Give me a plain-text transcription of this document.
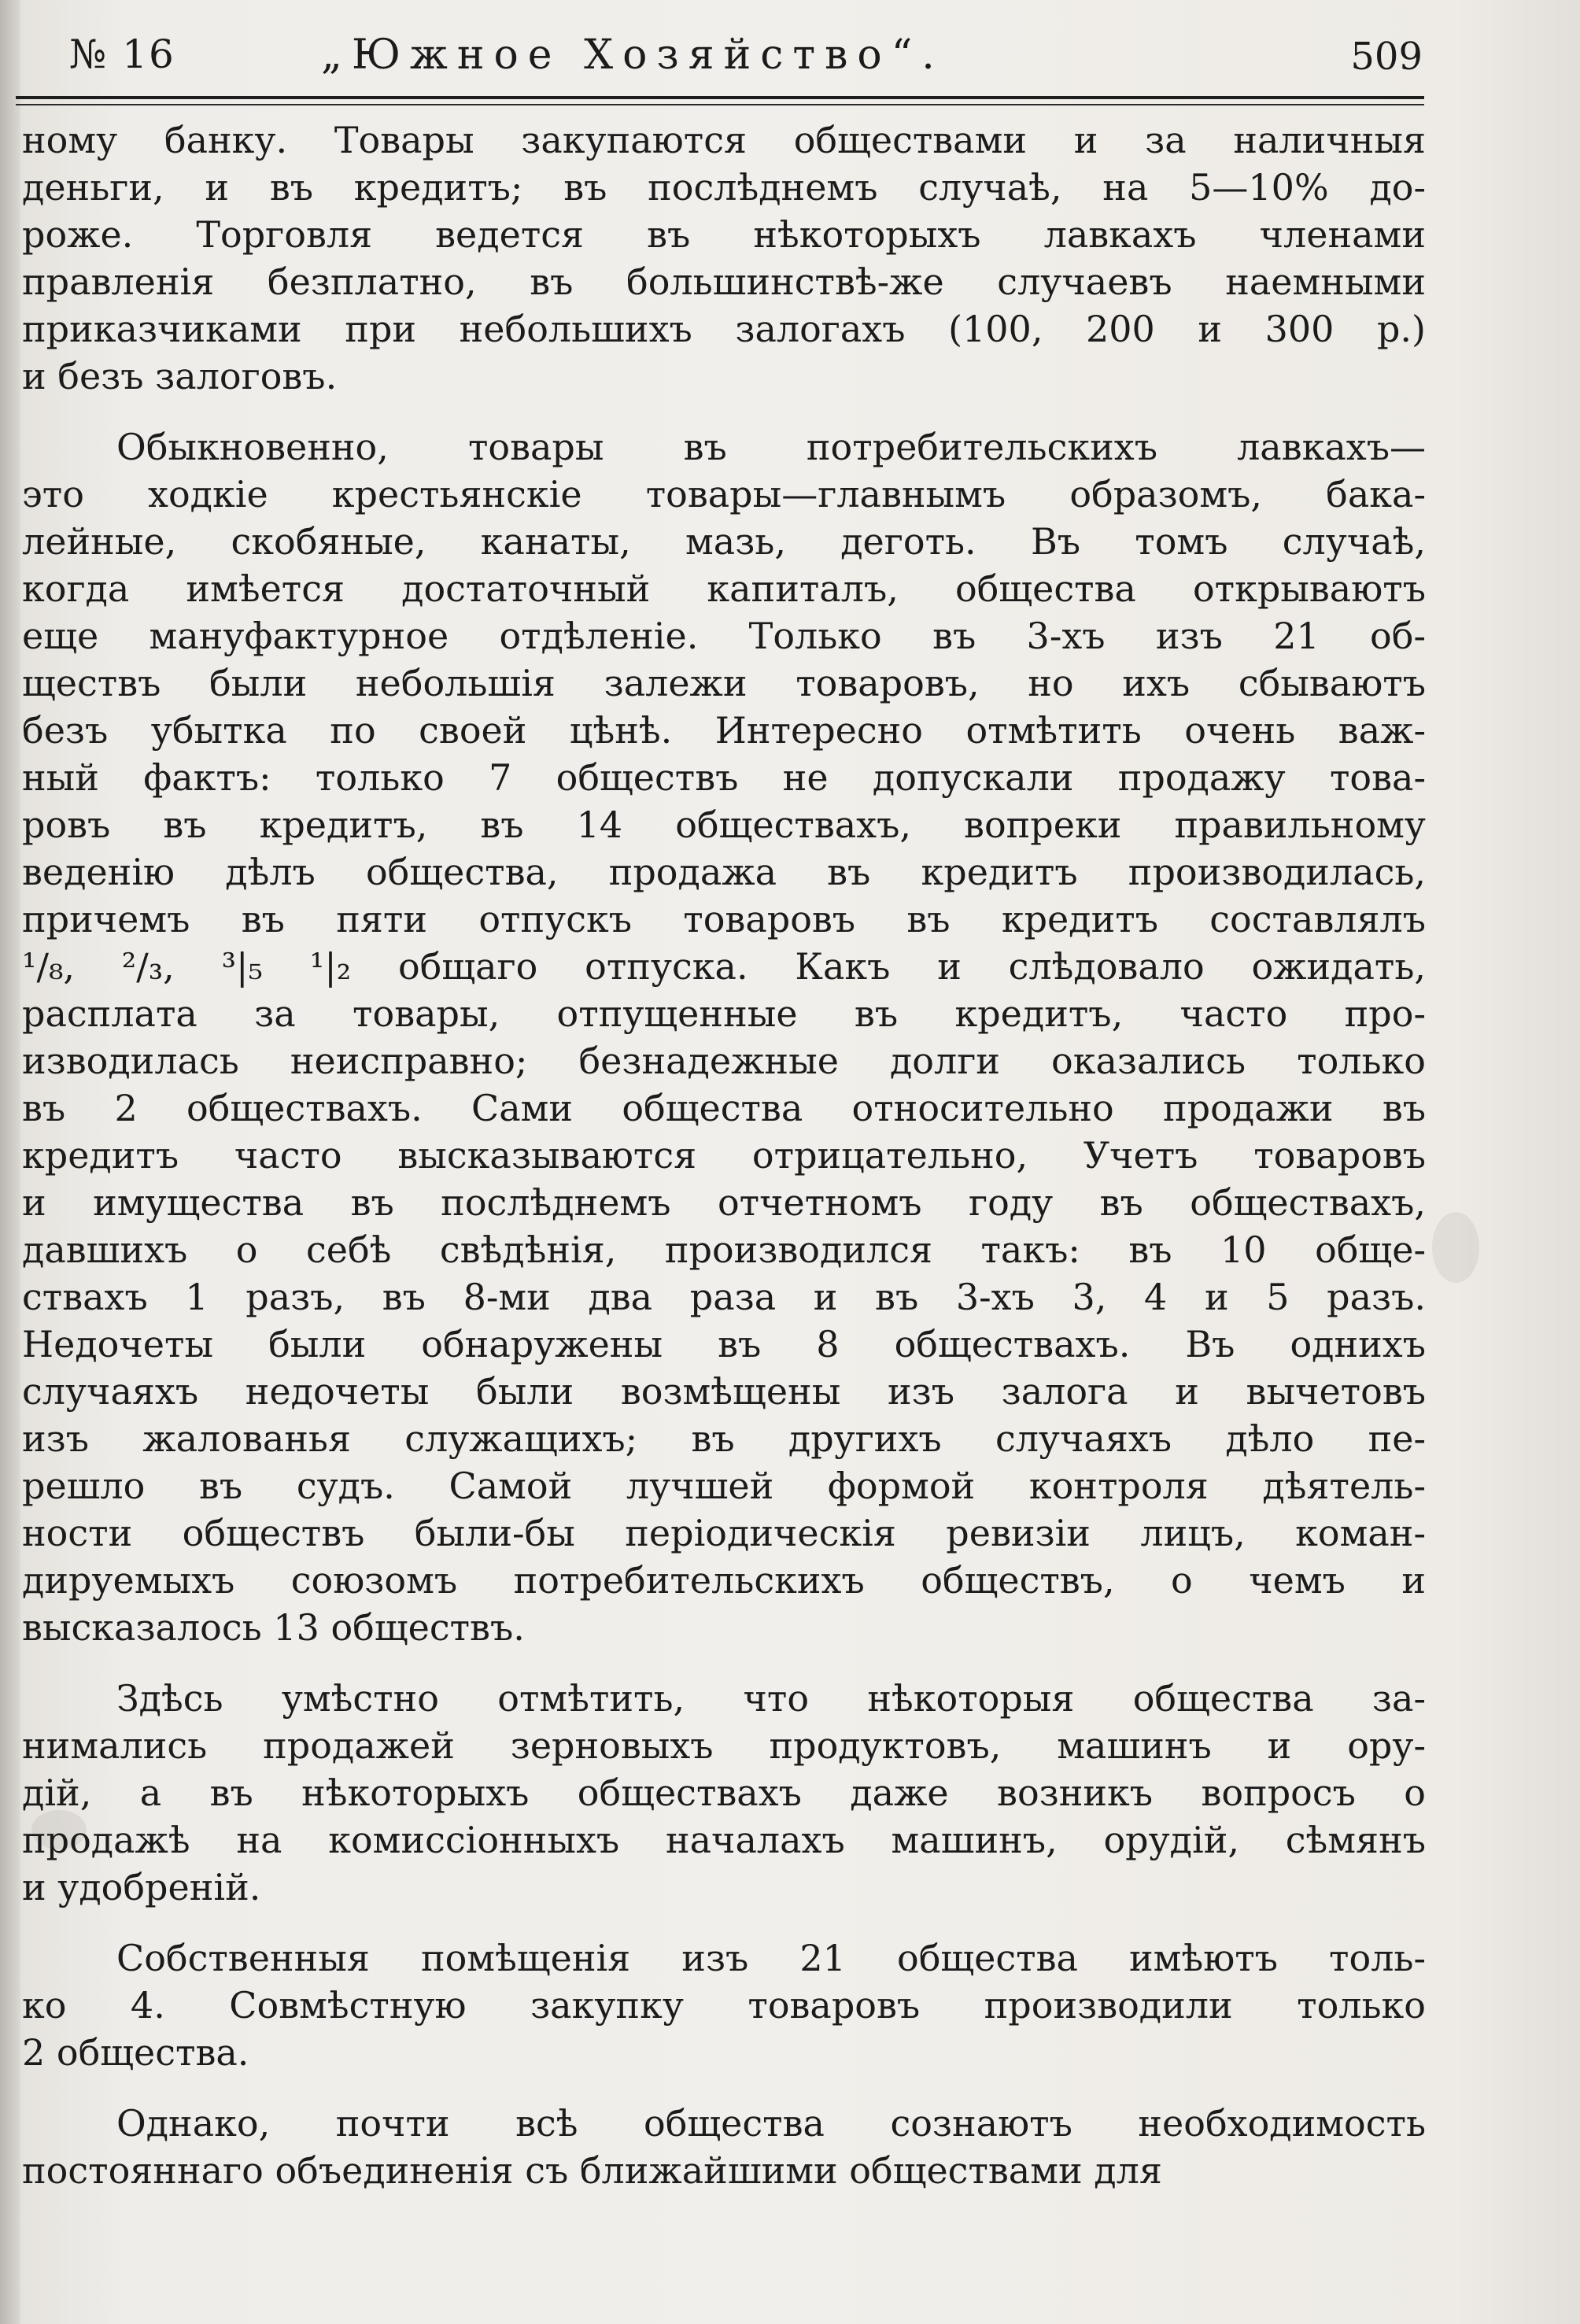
№ 16	„Южное Хозяйство“.	509
ному банку. Товары закупаются обществами и за наличныя
деньги, и въ кредитъ; въ послѣднемъ случаѣ, на 5—10% до-
роже. Торговля ведется въ нѣкоторыхъ лавкахъ членами
правленія безплатно, въ большинствѣ-же случаевъ наемными
приказчиками при небольшихъ залогахъ (100, 200 и 300 р.)
и безъ залоговъ.
Обыкновенно, товары въ потребительскихъ лавкахъ—
это ходкіе крестьянскіе товары—главнымъ образомъ, бака-
лейные, скобяные, канаты, мазь, деготь. Въ томъ случаѣ,
когда имѣется достаточный капиталъ, общества открываютъ
еще мануфактурное отдѣленіе. Только въ 3-хъ изъ 21 об-
ществъ были небольшія залежи товаровъ, но ихъ сбываютъ
безъ убытка по своей цѣнѣ. Интересно отмѣтить очень важ-
ный фактъ: только 7 обществъ не допускали продажу това-
ровъ въ кредитъ, въ 14 обществахъ, вопреки правильному
веденію дѣлъ общества, продажа въ кредитъ производилась,
причемъ въ пяти отпускъ товаровъ въ кредитъ составлялъ
¹/₈, ²/₃, ³|₅ ¹|₂ общаго отпуска. Какъ и слѣдовало ожидать,
расплата за товары, отпущенные въ кредитъ, часто про-
изводилась неисправно; безнадежные долги оказались только
въ 2 обществахъ. Сами общества относительно продажи въ
кредитъ часто высказываются отрицательно, Учетъ товаровъ
и имущества въ послѣднемъ отчетномъ году въ обществахъ,
давшихъ о себѣ свѣдѣнія, производился такъ: въ 10 обще-
ствахъ 1 разъ, въ 8-ми два раза и въ 3-хъ 3, 4 и 5 разъ.
Недочеты были обнаружены въ 8 обществахъ. Въ однихъ
случаяхъ недочеты были возмѣщены изъ залога и вычетовъ
изъ жалованья служащихъ; въ другихъ случаяхъ дѣло пе-
решло въ судъ. Самой лучшей формой контроля дѣятель-
ности обществъ были-бы періодическія ревизіи лицъ, коман-
дируемыхъ союзомъ потребительскихъ обществъ, о чемъ и
высказалось 13 обществъ.
Здѣсь умѣстно отмѣтить, что нѣкоторыя общества за-
нимались продажей зерновыхъ продуктовъ, машинъ и ору-
дій, а въ нѣкоторыхъ обществахъ даже возникъ вопросъ о
продажѣ на комиссіонныхъ началахъ машинъ, орудій, сѣмянъ
и удобреній.
Собственныя помѣщенія изъ 21 общества имѣютъ толь-
ко 4. Совмѣстную закупку товаровъ производили только
2 общества.
Однако, почти всѣ общества сознаютъ необходимость
постояннаго объединенія съ ближайшими обществами для
